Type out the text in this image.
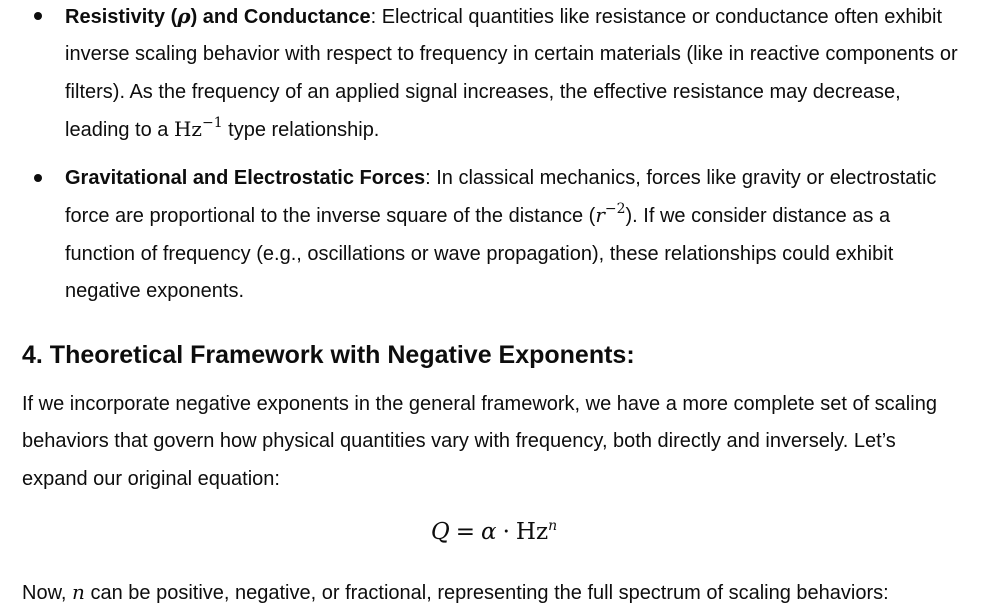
Resistivity (ρ) and Conductance: Electrical quantities like resistance or conductance often exhibit inverse scaling behavior with respect to frequency in certain materials (like in reactive components or filters). As the frequency of an applied signal increases, the effective resistance may decrease, leading to a $Hz^{-1}$ type relationship.
Gravitational and Electrostatic Forces: In classical mechanics, forces like gravity or electrostatic force are proportional to the inverse square of the distance $(r^{-2})$. If we consider distance as a function of frequency (e.g., oscillations or wave propagation), these relationships could exhibit negative exponents.
4. Theoretical Framework with Negative Exponents:

If we incorporate negative exponents in the general framework, we have a more complete set of scaling behaviors that govern how physical quantities vary with frequency, both directly and inversely. Let’s expand our original equation:

$Q = \alpha \cdot Hz^n$

Now, n can be positive, negative, or fractional, representing the full spectrum of scaling behaviors:
